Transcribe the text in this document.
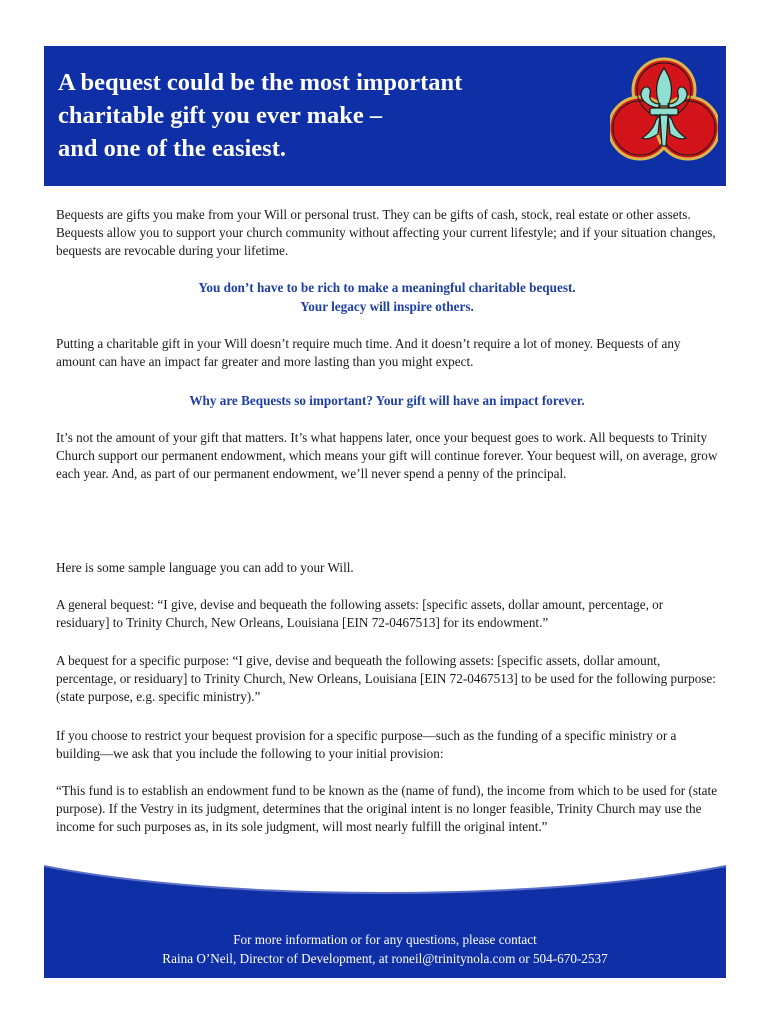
A bequest could be the most important
charitable gift you ever make –
and one of the easiest.

Bequests are gifts you make from your Will or personal trust. They can be gifts of cash, stock, real estate or other assets. Bequests allow you to support your church community without affecting your current lifestyle; and if your situation changes, bequests are revocable during your lifetime.

You don’t have to be rich to make a meaningful charitable bequest.
Your legacy will inspire others.

Putting a charitable gift in your Will doesn’t require much time. And it doesn’t require a lot of money. Bequests of any amount can have an impact far greater and more lasting than you might expect.

Why are Bequests so important? Your gift will have an impact forever.

It’s not the amount of your gift that matters. It’s what happens later, once your bequest goes to work. All bequests to Trinity Church support our permanent endowment, which means your gift will continue forever. Your bequest will, on average, grow each year. And, as part of our permanent endowment, we’ll never spend a penny of the principal.

Here is some sample language you can add to your Will.

A general bequest: “I give, devise and bequeath the following assets: [specific assets, dollar amount, percentage, or residuary] to Trinity Church, New Orleans, Louisiana [EIN 72-0467513] for its endowment.”

A bequest for a specific purpose: “I give, devise and bequeath the following assets: [specific assets, dollar amount, percentage, or residuary] to Trinity Church, New Orleans, Louisiana [EIN 72-0467513] to be used for the following purpose: (state purpose, e.g. specific ministry).”

If you choose to restrict your bequest provision for a specific purpose—such as the funding of a specific ministry or a building—we ask that you include the following to your initial provision:

“This fund is to establish an endowment fund to be known as the (name of fund), the income from which to be used for (state purpose). If the Vestry in its judgment, determines that the original intent is no longer feasible, Trinity Church may use the income for such purposes as, in its sole judgment, will most nearly fulfill the original intent.”

For more information or for any questions, please contact
Raina O’Neil, Director of Development, at roneil@trinitynola.com or 504-670-2537
